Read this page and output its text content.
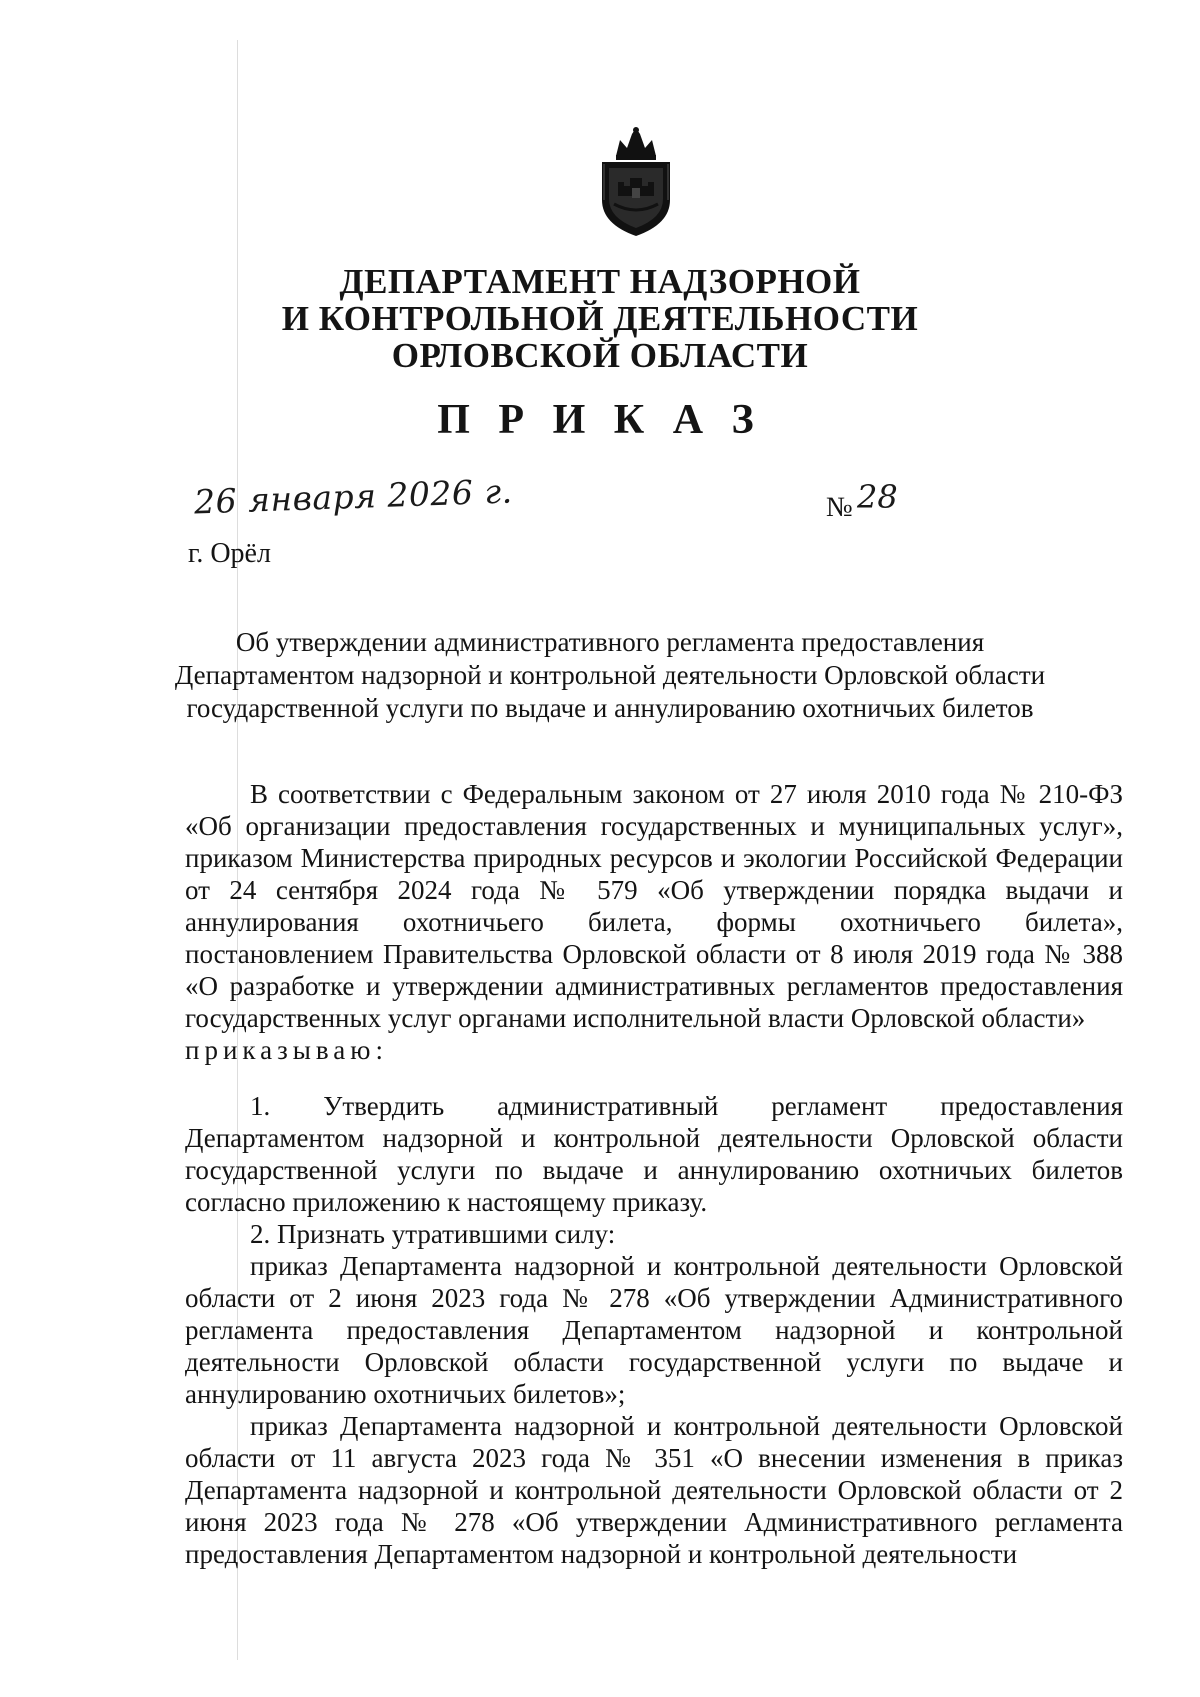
ДЕПАРТАМЕНТ НАДЗОРНОЙ
И КОНТРОЛЬНОЙ ДЕЯТЕЛЬНОСТИ
ОРЛОВСКОЙ ОБЛАСТИ
П Р И К А З
26 января 2026 г.	№ 28
г. Орёл
Об утверждении административного регламента предоставления
Департаментом надзорной и контрольной деятельности Орловской области
государственной услуги по выдаче и аннулированию охотничьих билетов

В соответствии с Федеральным законом от 27 июля 2010 года № 210-ФЗ «Об организации предоставления государственных и муниципальных услуг», приказом Министерства природных ресурсов и экологии Российской Федерации от 24 сентября 2024 года № 579 «Об утверждении порядка выдачи и аннулирования охотничьего билета, формы охотничьего билета», постановлением Правительства Орловской области от 8 июля 2019 года № 388 «О разработке и утверждении административных регламентов предоставления государственных услуг органами исполнительной власти Орловской области»

приказываю:

1. Утвердить административный регламент предоставления Департаментом надзорной и контрольной деятельности Орловской области государственной услуги по выдаче и аннулированию охотничьих билетов согласно приложению к настоящему приказу.

2. Признать утратившими силу:

приказ Департамента надзорной и контрольной деятельности Орловской области от 2 июня 2023 года № 278 «Об утверждении Административного регламента предоставления Департаментом надзорной и контрольной деятельности Орловской области государственной услуги по выдаче и аннулированию охотничьих билетов»;

приказ Департамента надзорной и контрольной деятельности Орловской области от 11 августа 2023 года № 351 «О внесении изменения в приказ Департамента надзорной и контрольной деятельности Орловской области от 2 июня 2023 года № 278 «Об утверждении Административного регламента предоставления Департаментом надзорной и контрольной деятельности
